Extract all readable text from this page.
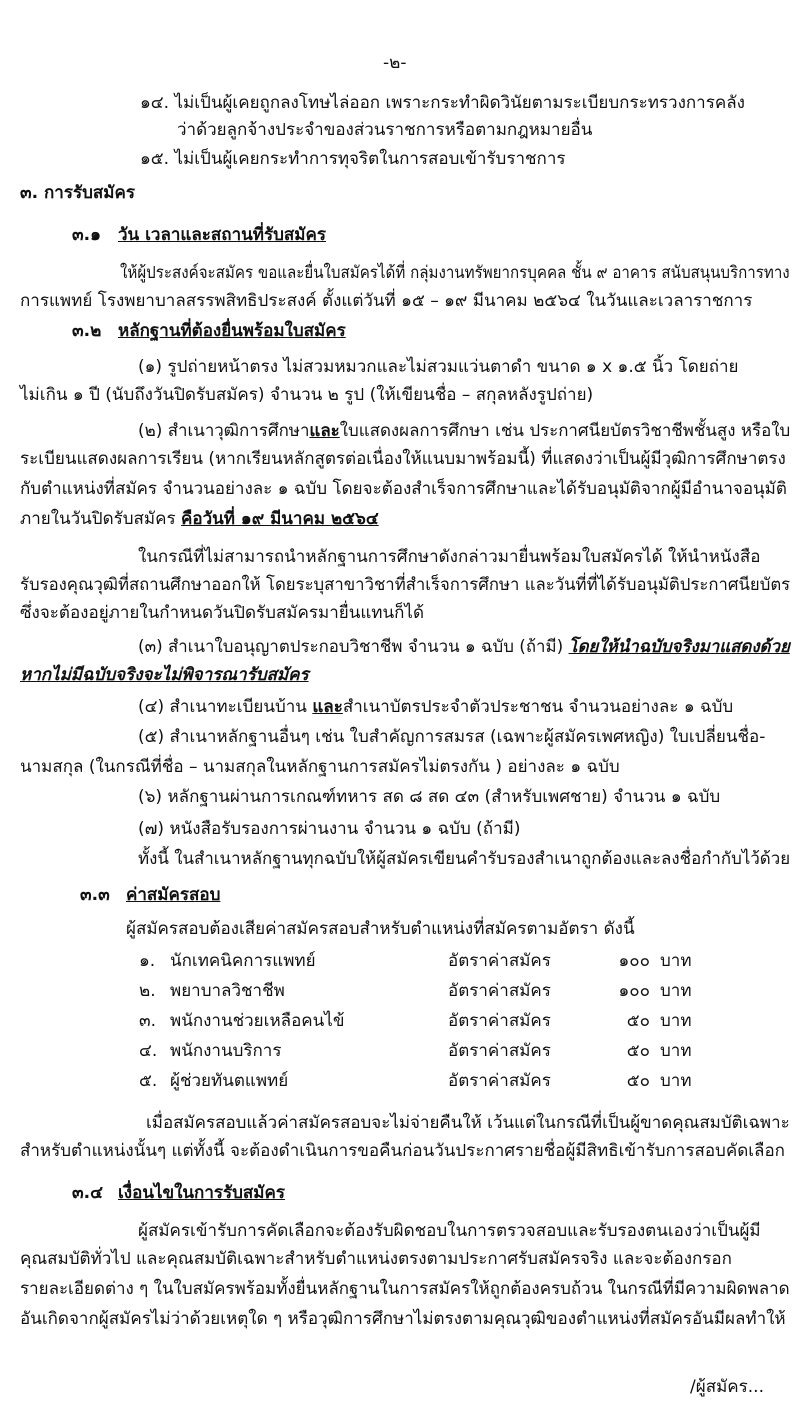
-๒-
๑๔. ไม่เป็นผู้เคยถูกลงโทษไล่ออก เพราะกระทำผิดวินัยตามระเบียบกระทรวงการคลัง
ว่าด้วยลูกจ้างประจำของส่วนราชการหรือตามกฎหมายอื่น
๑๕. ไม่เป็นผู้เคยกระทำการทุจริตในการสอบเข้ารับราชการ
๓. การรับสมัคร
๓.๑ วัน เวลาและสถานที่รับสมัคร
ให้ผู้ประสงค์จะสมัคร ขอและยื่นใบสมัครได้ที่ กลุ่มงานทรัพยากรบุคคล ชั้น ๙ อาคาร สนับสนุนบริการทาง
การแพทย์ โรงพยาบาลสรรพสิทธิประสงค์ ตั้งแต่วันที่ ๑๕ – ๑๙ มีนาคม ๒๕๖๔ ในวันและเวลาราชการ
๓.๒ หลักฐานที่ต้องยื่นพร้อมใบสมัคร
(๑) รูปถ่ายหน้าตรง ไม่สวมหมวกและไม่สวมแว่นตาดำ ขนาด ๑ x ๑.๕ นิ้ว โดยถ่าย
ไม่เกิน ๑ ปี (นับถึงวันปิดรับสมัคร) จำนวน ๒ รูป (ให้เขียนชื่อ – สกุลหลังรูปถ่าย)
(๒) สำเนาวุฒิการศึกษาและใบแสดงผลการศึกษา เช่น ประกาศนียบัตรวิชาชีพชั้นสูง หรือใบ
ระเบียนแสดงผลการเรียน (หากเรียนหลักสูตรต่อเนื่องให้แนบมาพร้อมนี้) ที่แสดงว่าเป็นผู้มีวุฒิการศึกษาตรง
กับตำแหน่งที่สมัคร จำนวนอย่างละ ๑ ฉบับ โดยจะต้องสำเร็จการศึกษาและได้รับอนุมัติจากผู้มีอำนาจอนุมัติ
ภายในวันปิดรับสมัคร คือวันที่ ๑๙ มีนาคม ๒๕๖๔
ในกรณีที่ไม่สามารถนำหลักฐานการศึกษาดังกล่าวมายื่นพร้อมใบสมัครได้ ให้นำหนังสือ
รับรองคุณวุฒิที่สถานศึกษาออกให้ โดยระบุสาขาวิชาที่สำเร็จการศึกษา และวันที่ที่ได้รับอนุมัติประกาศนียบัตร
ซึ่งจะต้องอยู่ภายในกำหนดวันปิดรับสมัครมายื่นแทนก็ได้
(๓) สำเนาใบอนุญาตประกอบวิชาชีพ จำนวน ๑ ฉบับ (ถ้ามี) โดยให้นำฉบับจริงมาแสดงด้วย
หากไม่มีฉบับจริงจะไม่พิจารณารับสมัคร
(๔) สำเนาทะเบียนบ้าน และสำเนาบัตรประจำตัวประชาชน จำนวนอย่างละ ๑ ฉบับ
(๕) สำเนาหลักฐานอื่นๆ เช่น ใบสำคัญการสมรส (เฉพาะผู้สมัครเพศหญิง) ใบเปลี่ยนชื่อ-
นามสกุล (ในกรณีที่ชื่อ – นามสกุลในหลักฐานการสมัครไม่ตรงกัน ) อย่างละ ๑ ฉบับ
(๖) หลักฐานผ่านการเกณฑ์ทหาร สด ๘ สด ๔๓ (สำหรับเพศชาย) จำนวน ๑ ฉบับ
(๗) หนังสือรับรองการผ่านงาน จำนวน ๑ ฉบับ (ถ้ามี)
ทั้งนี้ ในสำเนาหลักฐานทุกฉบับให้ผู้สมัครเขียนคำรับรองสำเนาถูกต้องและลงชื่อกำกับไว้ด้วย
๓.๓ ค่าสมัครสอบ
ผู้สมัครสอบต้องเสียค่าสมัครสอบสำหรับตำแหน่งที่สมัครตามอัตรา ดังนี้
๑. นักเทคนิคการแพทย์	อัตราค่าสมัคร	๑๐๐ บาท
๒. พยาบาลวิชาชีพ	อัตราค่าสมัคร	๑๐๐ บาท
๓. พนักงานช่วยเหลือคนไข้	อัตราค่าสมัคร	๕๐ บาท
๔. พนักงานบริการ	อัตราค่าสมัคร	๕๐ บาท
๕. ผู้ช่วยทันตแพทย์	อัตราค่าสมัคร	๕๐ บาท
เมื่อสมัครสอบแล้วค่าสมัครสอบจะไม่จ่ายคืนให้ เว้นแต่ในกรณีที่เป็นผู้ขาดคุณสมบัติเฉพาะ
สำหรับตำแหน่งนั้นๆ แต่ทั้งนี้ จะต้องดำเนินการขอคืนก่อนวันประกาศรายชื่อผู้มีสิทธิเข้ารับการสอบคัดเลือก
๓.๔ เงื่อนไขในการรับสมัคร
ผู้สมัครเข้ารับการคัดเลือกจะต้องรับผิดชอบในการตรวจสอบและรับรองตนเองว่าเป็นผู้มี
คุณสมบัติทั่วไป และคุณสมบัติเฉพาะสำหรับตำแหน่งตรงตามประกาศรับสมัครจริง และจะต้องกรอก
รายละเอียดต่าง ๆ ในใบสมัครพร้อมทั้งยื่นหลักฐานในการสมัครให้ถูกต้องครบถ้วน ในกรณีที่มีความผิดพลาด
อันเกิดจากผู้สมัครไม่ว่าด้วยเหตุใด ๆ หรือวุฒิการศึกษาไม่ตรงตามคุณวุฒิของตำแหน่งที่สมัครอันมีผลทำให้
/ผู้สมัคร...
